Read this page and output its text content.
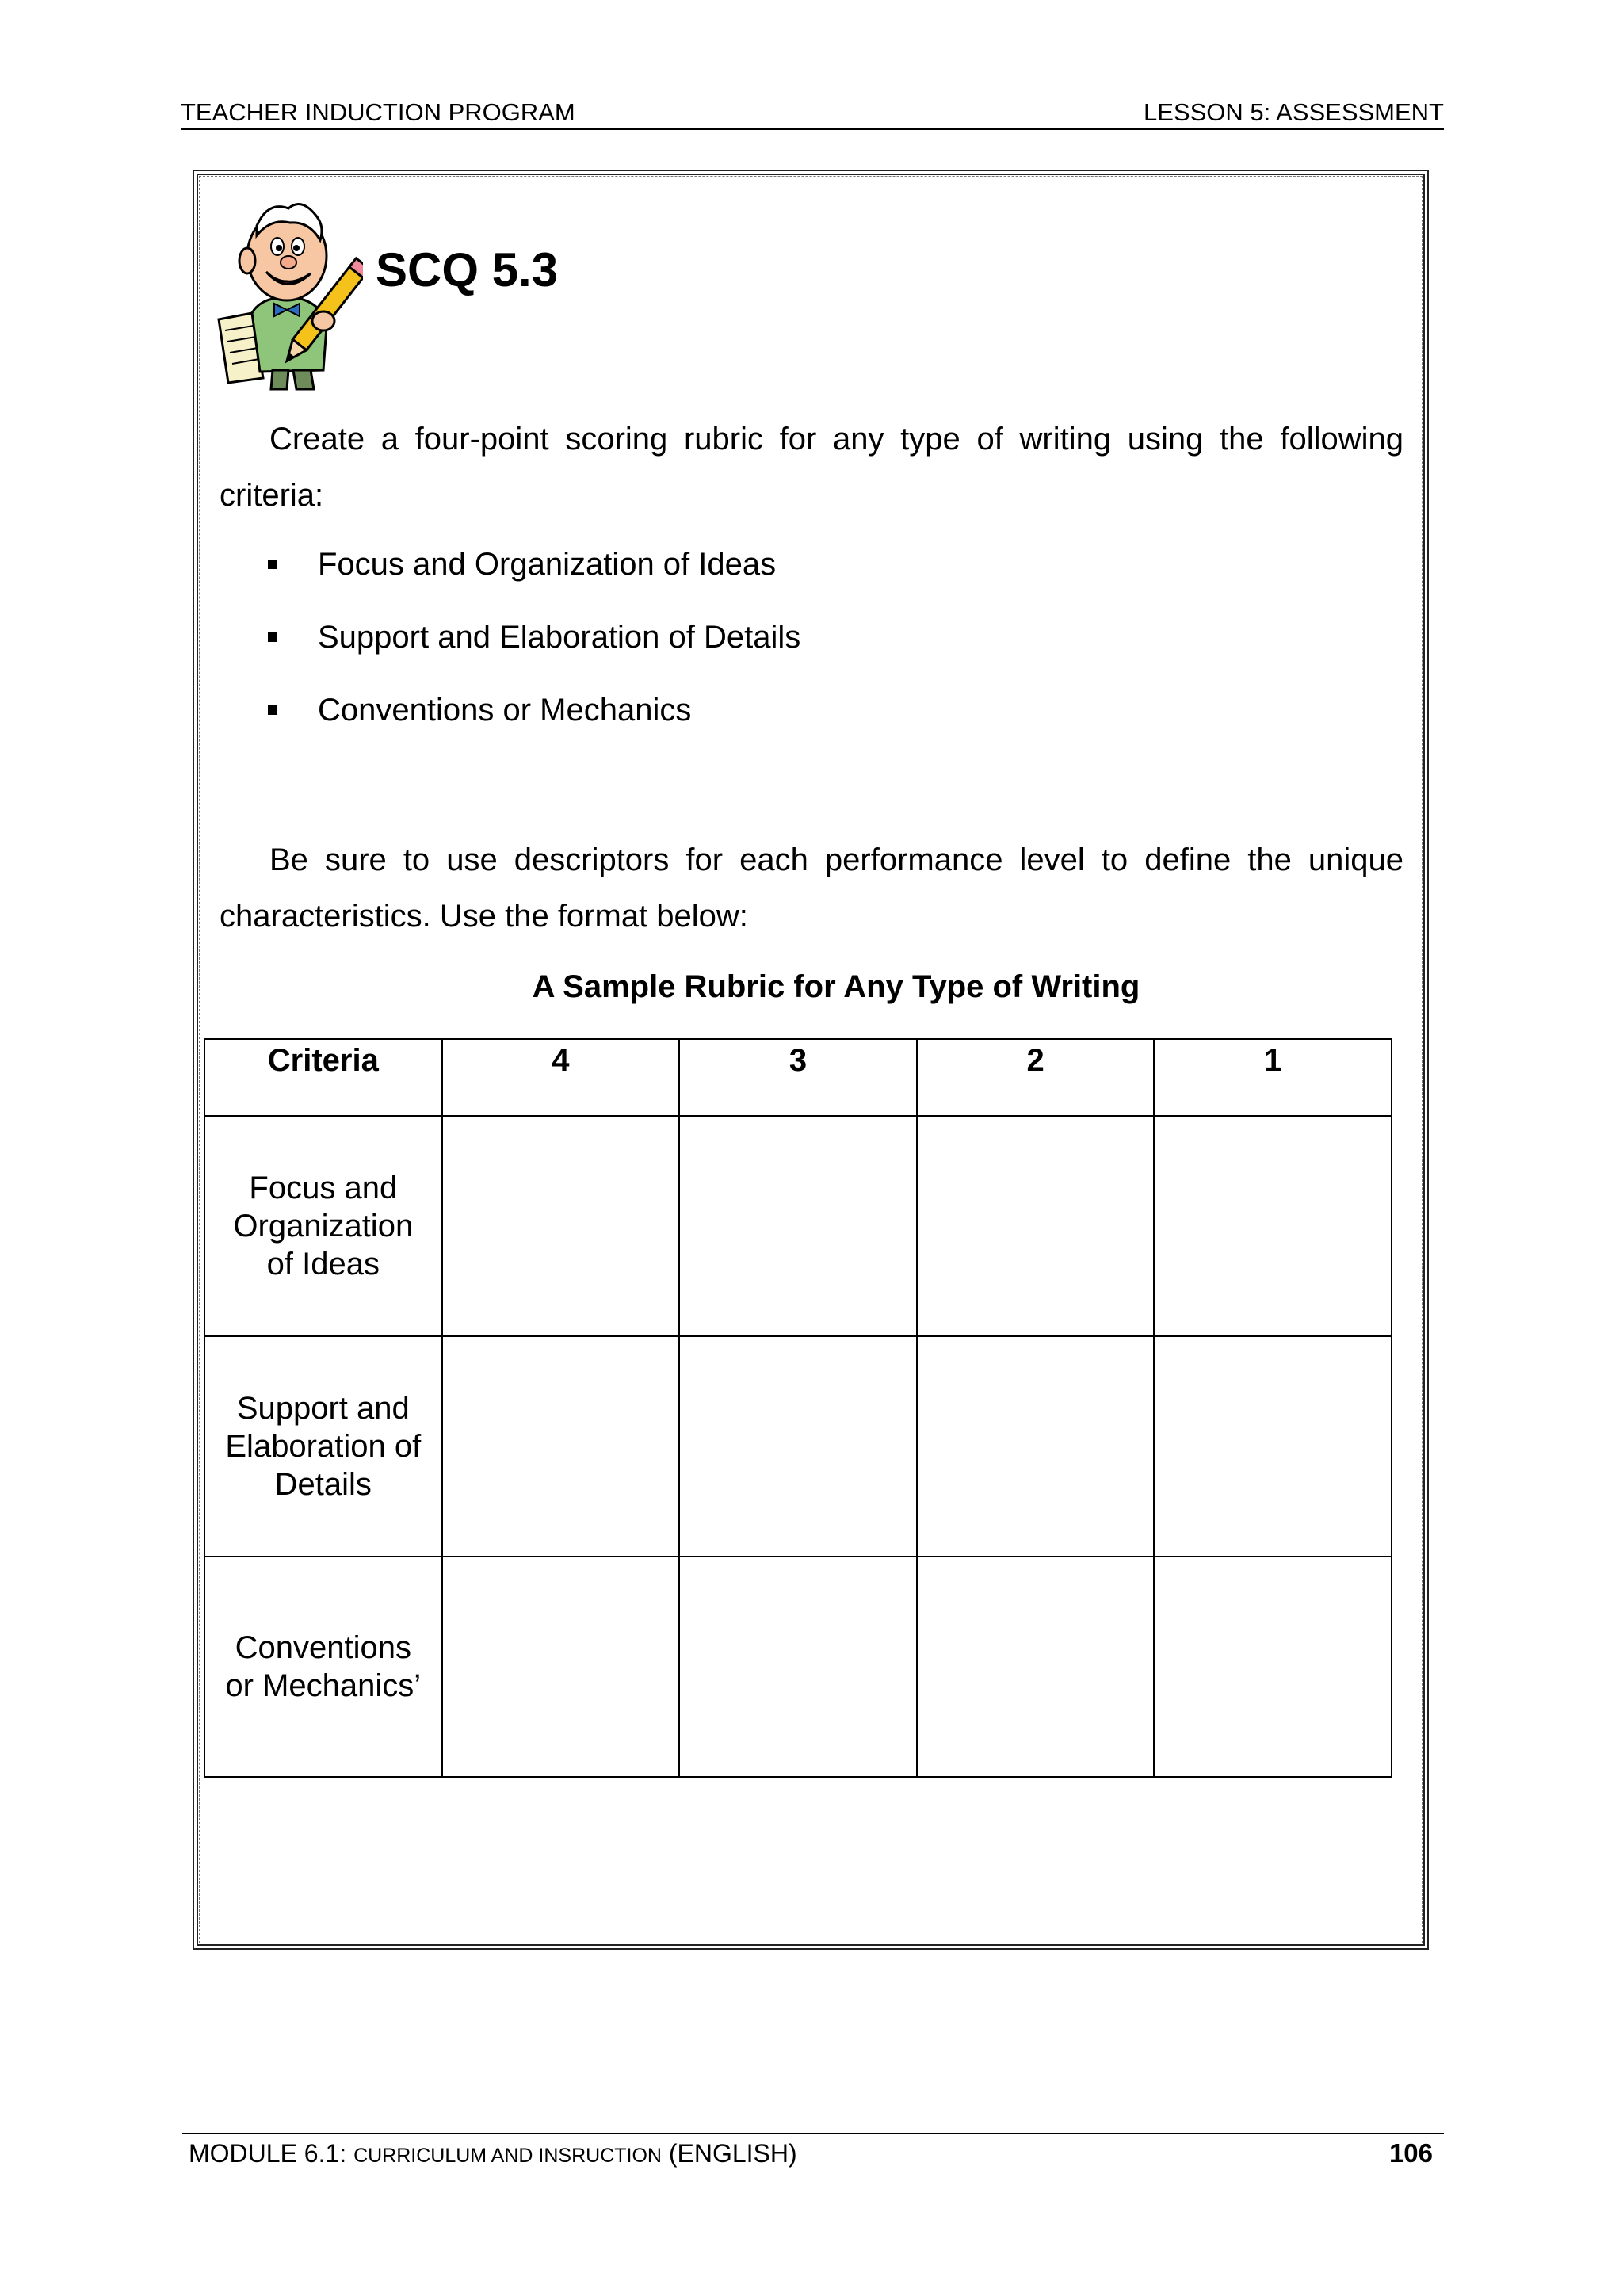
TEACHER INDUCTION PROGRAM	LESSON 5: ASSESSMENT
SCQ 5.3
Create a four-point scoring rubric for any type of writing using the following criteria:
Focus and Organization of Ideas
Support and Elaboration of Details
Conventions or Mechanics
Be sure to use descriptors for each performance level to define the unique characteristics. Use the format below:
A Sample Rubric for Any Type of Writing
Criteria	4	3	2	1
Focus and
Organization
of Ideas				
Support and
Elaboration of
Details				
Conventions
or Mechanics’				
MODULE 6.1: CURRICULUM AND INSRUCTION (ENGLISH)	106
